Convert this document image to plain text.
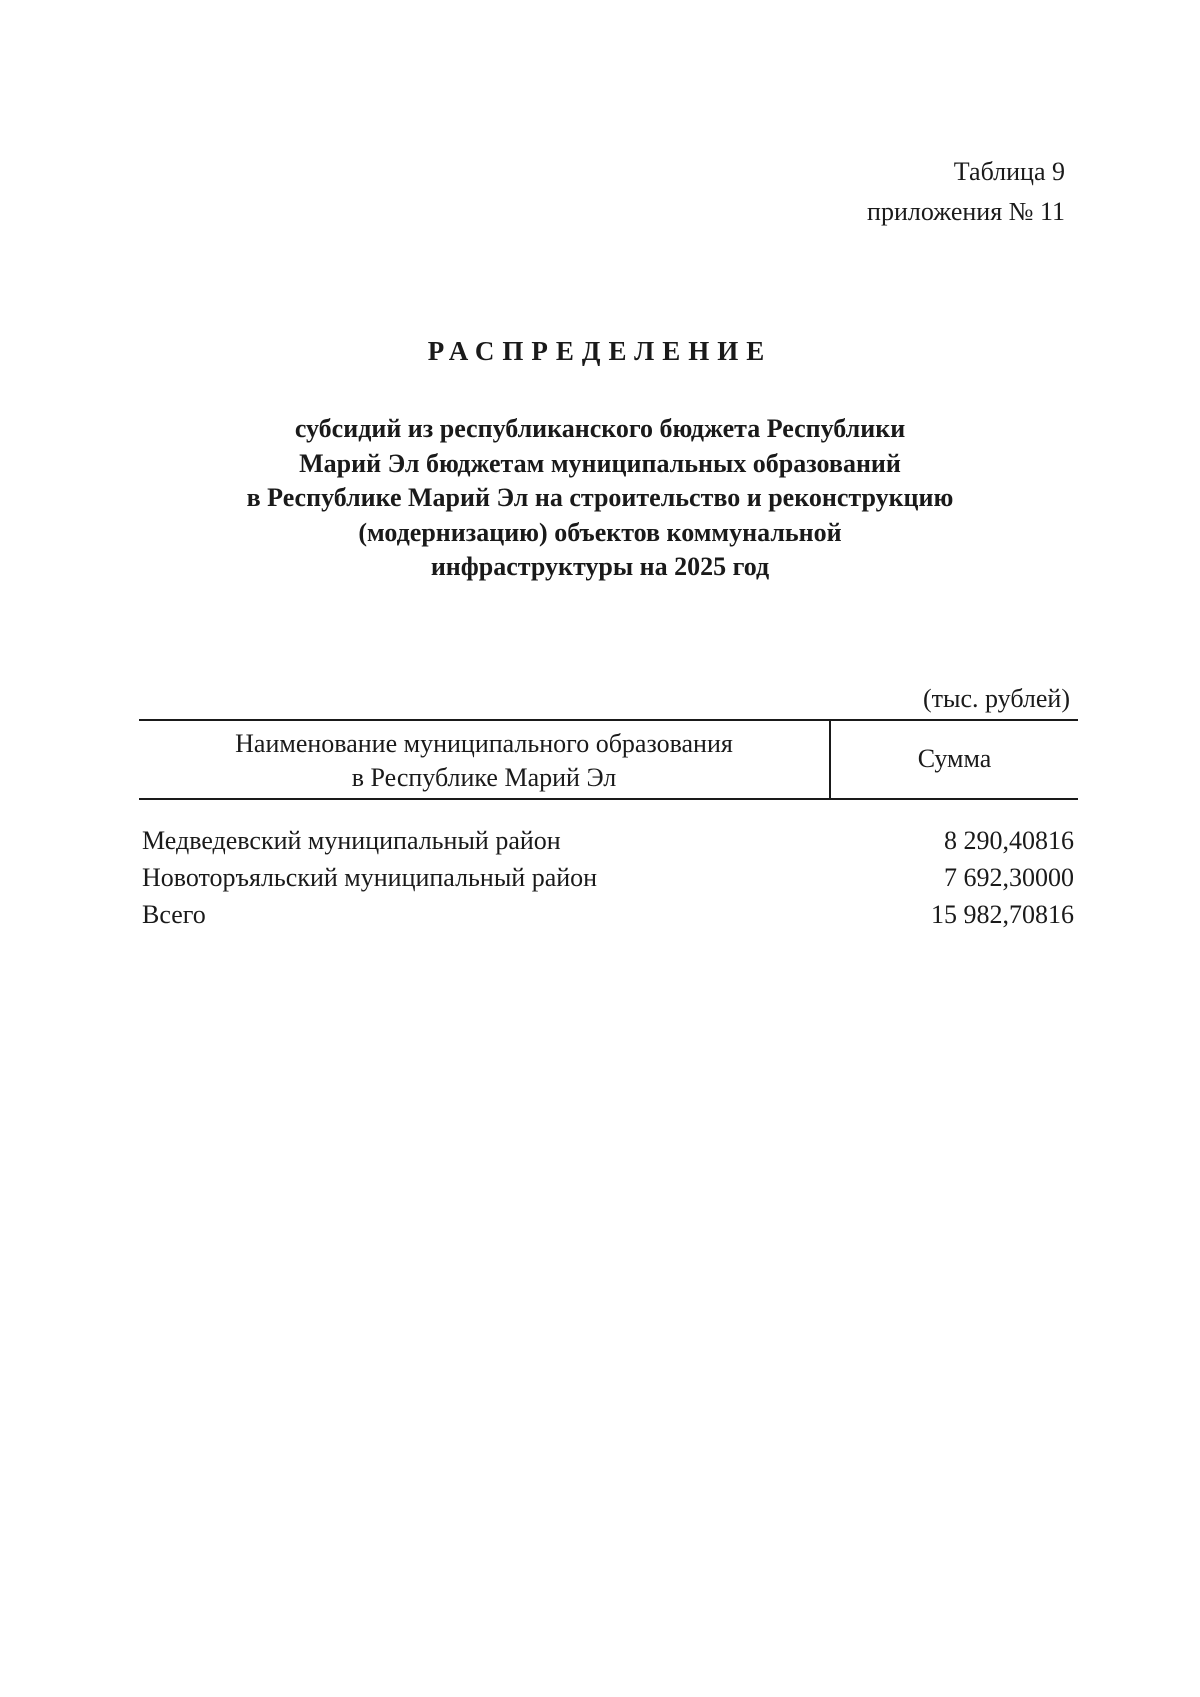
Таблица 9
приложения № 11
РАСПРЕДЕЛЕНИЕ
субсидий из республиканского бюджета Республики
Марий Эл бюджетам муниципальных образований
в Республике Марий Эл на строительство и реконструкцию
(модернизацию) объектов коммунальной
инфраструктуры на 2025 год
(тыс. рублей)
Наименование муниципального образования
в Республике Марий Эл
Сумма
Медведевский муниципальный район	8 290,40816
Новоторъяльский муниципальный район	7 692,30000
Всего	15 982,70816
